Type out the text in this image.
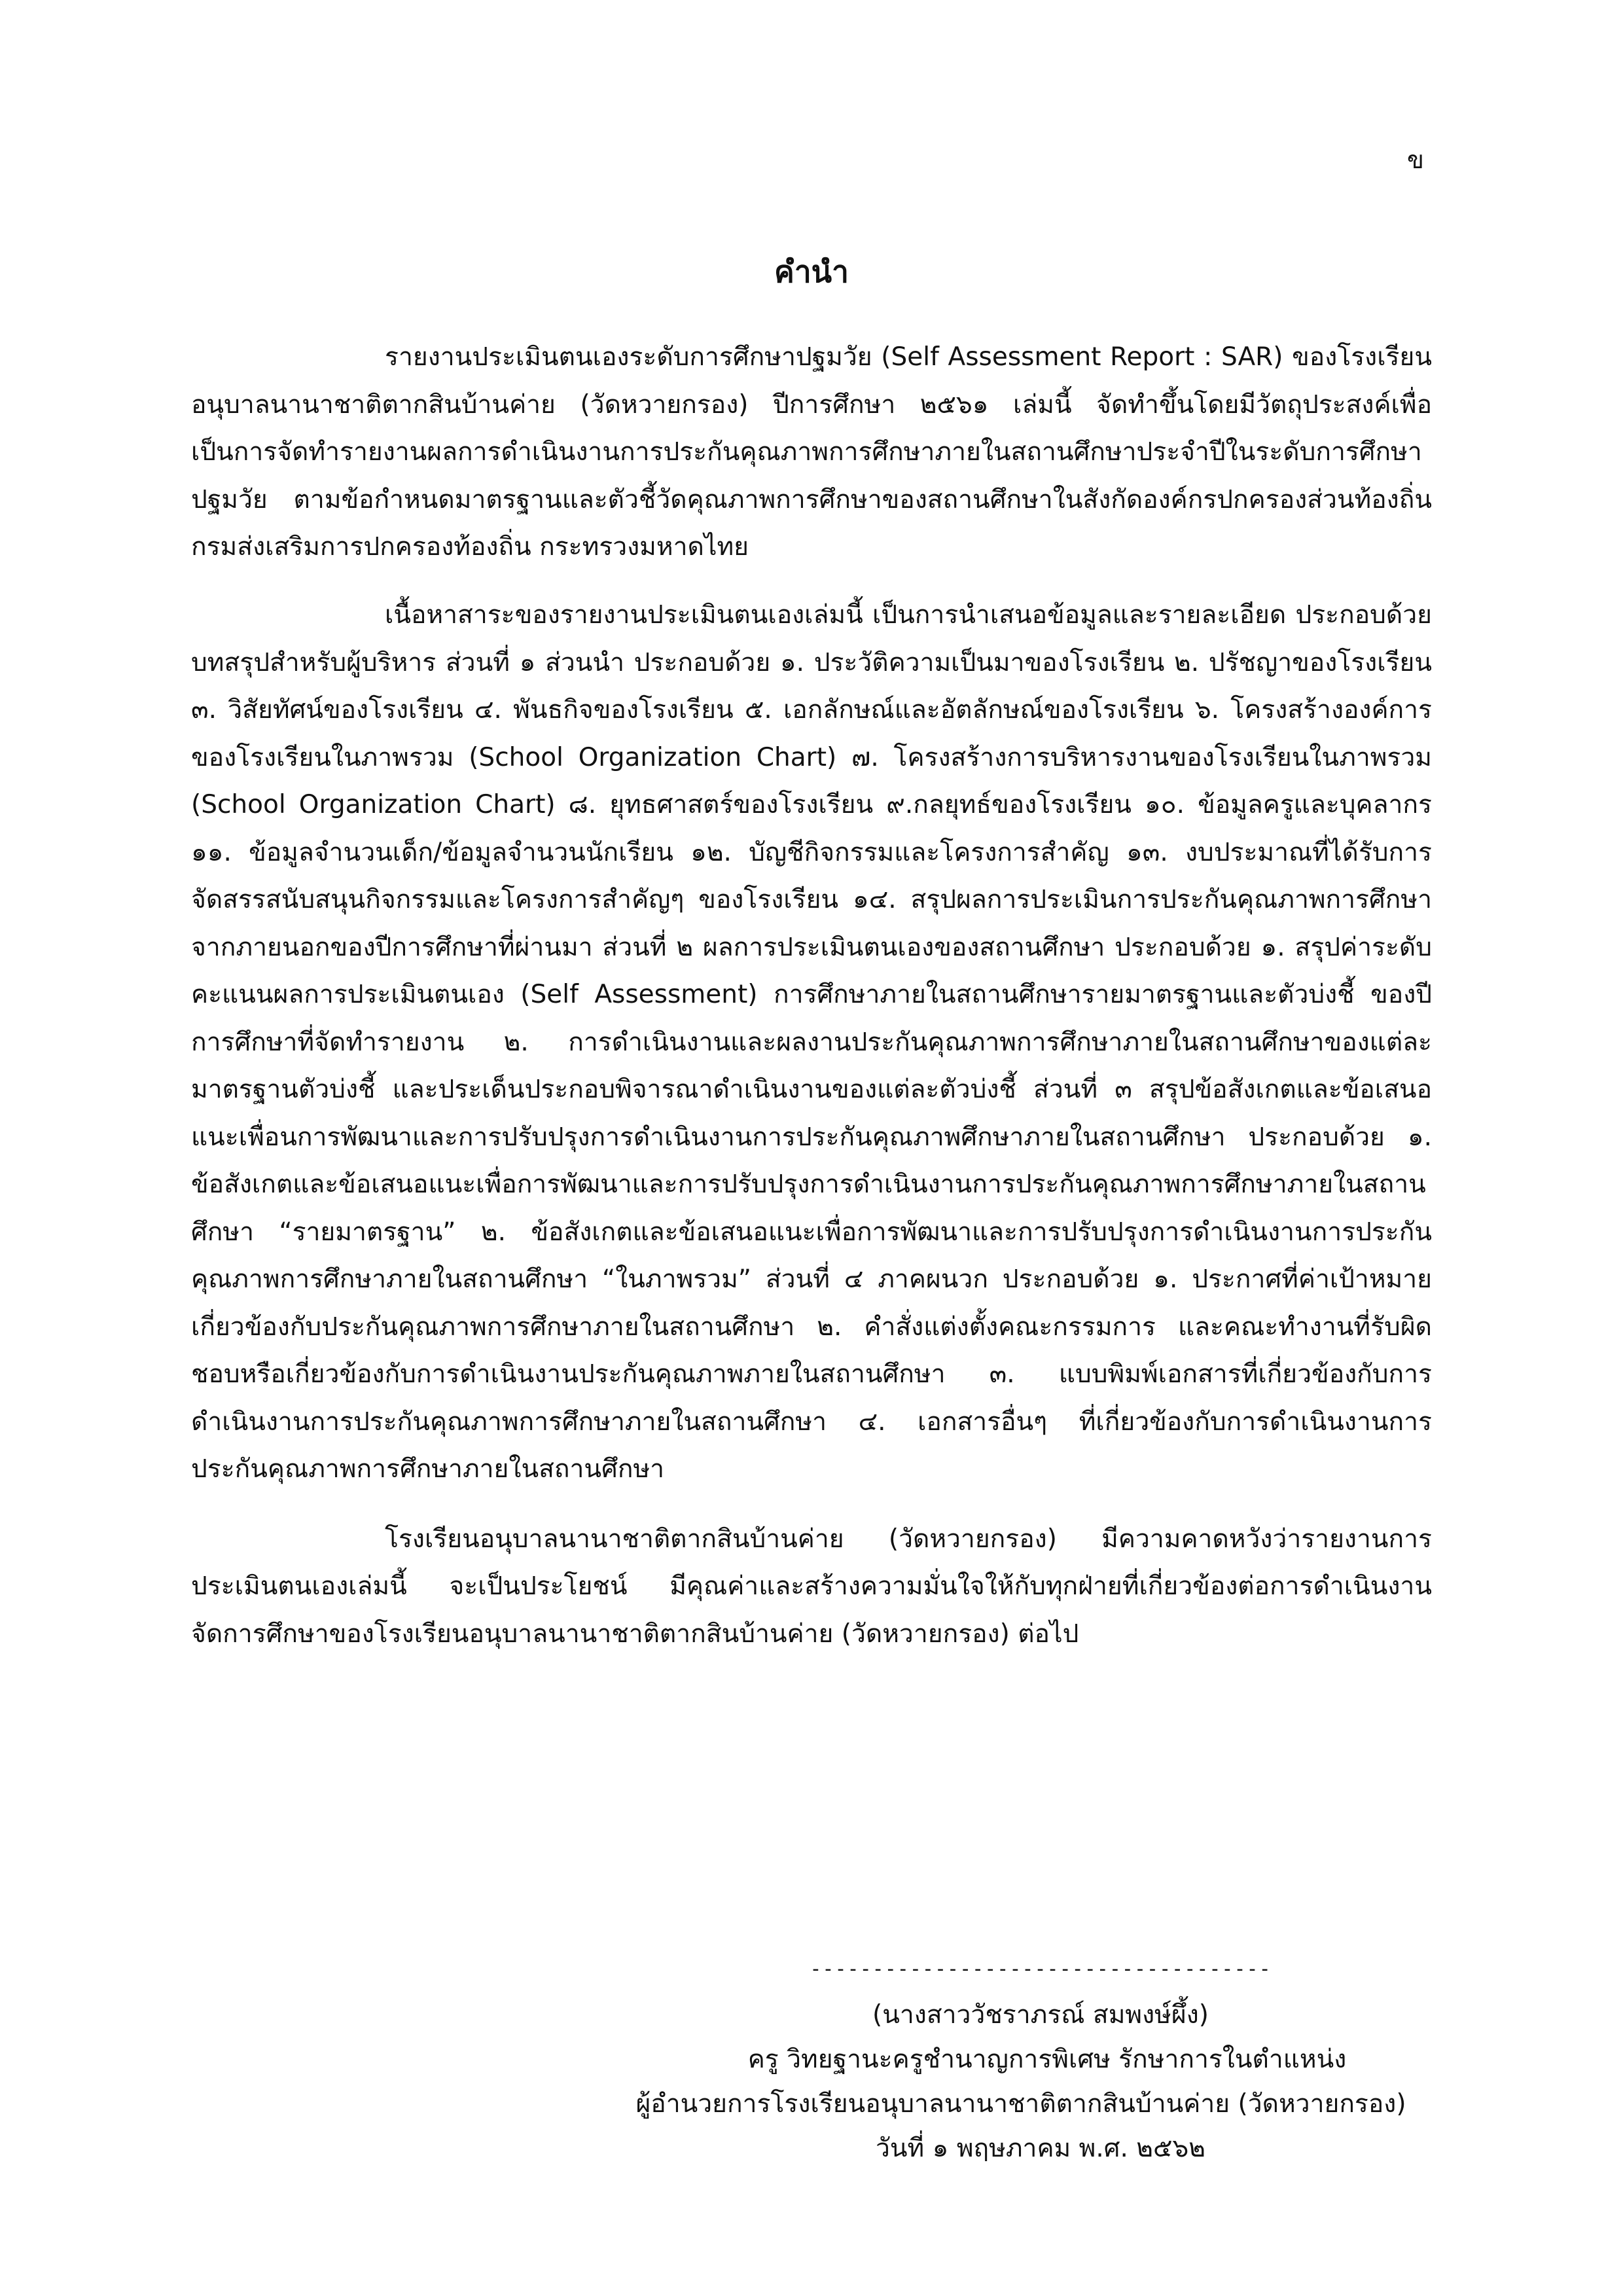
ข
คำนำ

รายงานประเมินตนเองระดับการศึกษาปฐมวัย (Self Assessment Report : SAR) ของโรงเรียนอนุบาลนานาชาติตากสินบ้านค่าย (วัดหวายกรอง) ปีการศึกษา ๒๕๖๑ เล่มนี้ จัดทำขึ้นโดยมีวัตถุประสงค์เพื่อเป็นการจัดทำรายงานผลการดำเนินงานการประกันคุณภาพการศึกษาภายในสถานศึกษาประจำปีในระดับการศึกษาปฐมวัย ตามข้อกำหนดมาตรฐานและตัวชี้วัดคุณภาพการศึกษาของสถานศึกษาในสังกัดองค์กรปกครองส่วนท้องถิ่น กรมส่งเสริมการปกครองท้องถิ่น กระทรวงมหาดไทย

เนื้อหาสาระของรายงานประเมินตนเองเล่มนี้ เป็นการนำเสนอข้อมูลและรายละเอียด ประกอบด้วย บทสรุปสำหรับผู้บริหาร ส่วนที่ ๑ ส่วนนำ ประกอบด้วย ๑. ประวัติความเป็นมาของโรงเรียน ๒. ปรัชญาของโรงเรียน ๓. วิสัยทัศน์ของโรงเรียน ๔. พันธกิจของโรงเรียน ๕. เอกลักษณ์และอัตลักษณ์ของโรงเรียน ๖. โครงสร้างองค์การของโรงเรียนในภาพรวม (School Organization Chart) ๗. โครงสร้างการบริหารงานของโรงเรียนในภาพรวม (School Organization Chart) ๘. ยุทธศาสตร์ของโรงเรียน ๙.กลยุทธ์ของโรงเรียน ๑๐. ข้อมูลครูและบุคลากร ๑๑. ข้อมูลจำนวนเด็ก/ข้อมูลจำนวนนักเรียน ๑๒. บัญชีกิจกรรมและโครงการสำคัญ ๑๓. งบประมาณที่ได้รับการจัดสรรสนับสนุนกิจกรรมและโครงการสำคัญๆ ของโรงเรียน ๑๔. สรุปผลการประเมินการประกันคุณภาพการศึกษาจากภายนอกของปีการศึกษาที่ผ่านมา ส่วนที่ ๒ ผลการประเมินตนเองของสถานศึกษา ประกอบด้วย ๑. สรุปค่าระดับคะแนนผลการประเมินตนเอง (Self Assessment) การศึกษาภายในสถานศึกษารายมาตรฐานและตัวบ่งชี้ ของปีการศึกษาที่จัดทำรายงาน ๒. การดำเนินงานและผลงานประกันคุณภาพการศึกษาภายในสถานศึกษาของแต่ละมาตรฐานตัวบ่งชี้ และประเด็นประกอบพิจารณาดำเนินงานของแต่ละตัวบ่งชี้ ส่วนที่ ๓ สรุปข้อสังเกตและข้อเสนอแนะเพื่อนการพัฒนาและการปรับปรุงการดำเนินงานการประกันคุณภาพศึกษาภายในสถานศึกษา ประกอบด้วย ๑. ข้อสังเกตและข้อเสนอแนะเพื่อการพัฒนาและการปรับปรุงการดำเนินงานการประกันคุณภาพการศึกษาภายในสถานศึกษา “รายมาตรฐาน” ๒. ข้อสังเกตและข้อเสนอแนะเพื่อการพัฒนาและการปรับปรุงการดำเนินงานการประกันคุณภาพการศึกษาภายในสถานศึกษา “ในภาพรวม” ส่วนที่ ๔ ภาคผนวก ประกอบด้วย ๑. ประกาศที่ค่าเป้าหมายเกี่ยวข้องกับประกันคุณภาพการศึกษาภายในสถานศึกษา ๒. คำสั่งแต่งตั้งคณะกรรมการ และคณะทำงานที่รับผิดชอบหรือเกี่ยวข้องกับการดำเนินงานประกันคุณภาพภายในสถานศึกษา ๓. แบบพิมพ์เอกสารที่เกี่ยวข้องกับการดำเนินงานการประกันคุณภาพการศึกษาภายในสถานศึกษา ๔. เอกสารอื่นๆ ที่เกี่ยวข้องกับการดำเนินงานการประกันคุณภาพการศึกษาภายในสถานศึกษา

โรงเรียนอนุบาลนานาชาติตากสินบ้านค่าย (วัดหวายกรอง) มีความคาดหวังว่ารายงานการประเมินตนเองเล่มนี้ จะเป็นประโยชน์ มีคุณค่าและสร้างความมั่นใจให้กับทุกฝ่ายที่เกี่ยวข้องต่อการดำเนินงานจัดการศึกษาของโรงเรียนอนุบาลนานาชาติตากสินบ้านค่าย (วัดหวายกรอง) ต่อไป

-------------------------------------
(นางสาววัชราภรณ์ สมพงษ์ผึ้ง)
ครู วิทยฐานะครูชำนาญการพิเศษ รักษาการในตำแหน่ง
ผู้อำนวยการโรงเรียนอนุบาลนานาชาติตากสินบ้านค่าย (วัดหวายกรอง)
วันที่ ๑ พฤษภาคม พ.ศ. ๒๕๖๒
